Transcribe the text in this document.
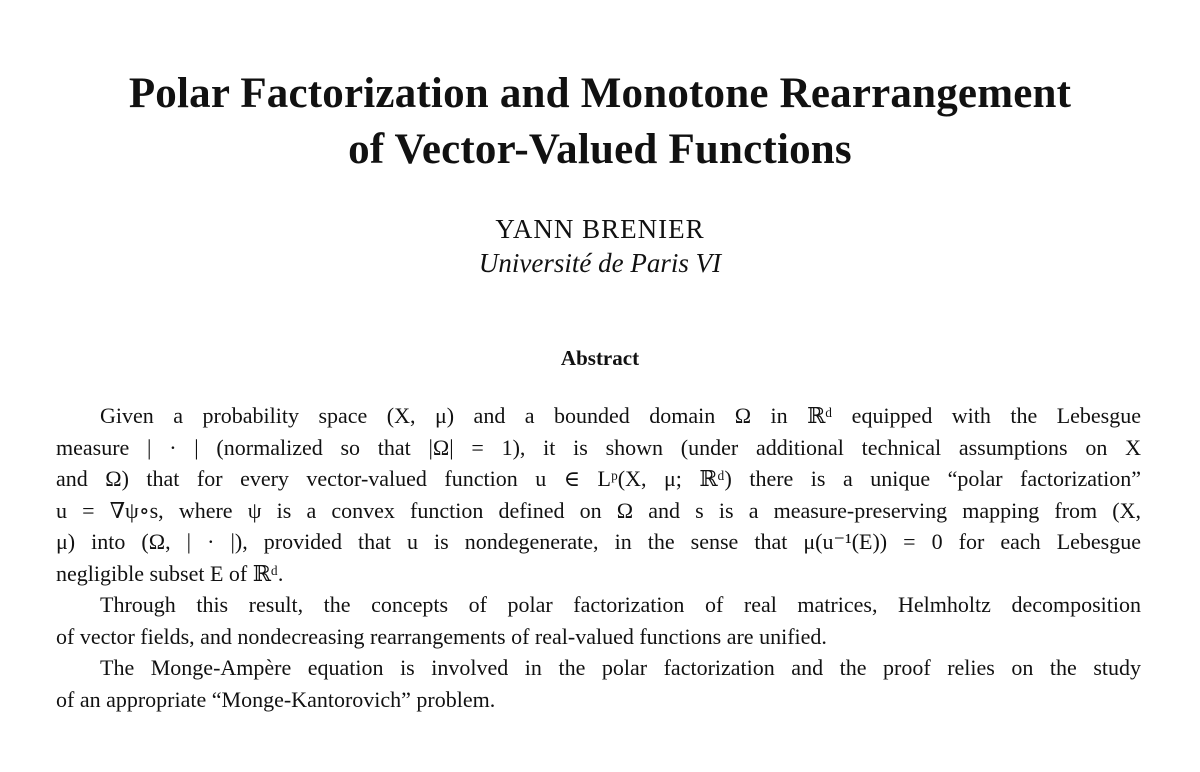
Polar Factorization and Monotone Rearrangement
of Vector-Valued Functions
YANN BRENIER
Université de Paris VI
Abstract

Given a probability space (X, μ) and a bounded domain Ω in ℝᵈ equipped with the Lebesgue
measure | · | (normalized so that |Ω| = 1), it is shown (under additional technical assumptions on X
and Ω) that for every vector-valued function u ∈ Lᵖ(X, μ; ℝᵈ) there is a unique “polar factorization”
u = ∇ψ∘s, where ψ is a convex function defined on Ω and s is a measure-preserving mapping from (X,
μ) into (Ω, | · |), provided that u is nondegenerate, in the sense that μ(u⁻¹(E)) = 0 for each Lebesgue
negligible subset E of ℝᵈ.

Through this result, the concepts of polar factorization of real matrices, Helmholtz decomposition
of vector fields, and nondecreasing rearrangements of real-valued functions are unified.

The Monge-Ampère equation is involved in the polar factorization and the proof relies on the study
of an appropriate “Monge-Kantorovich” problem.
